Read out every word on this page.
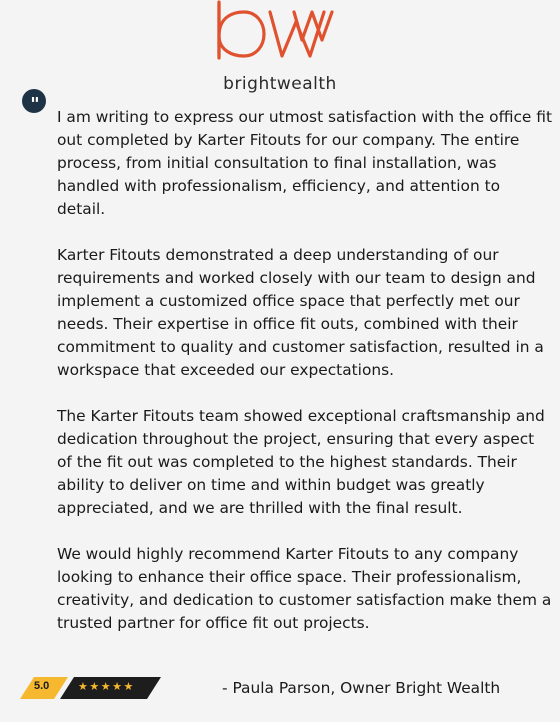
brightwealth
"

I am writing to express our utmost satisfaction with the office fit out completed by Karter Fitouts for our company. The entire process, from initial consultation to final installation, was handled with professionalism, efficiency, and attention to detail.

Karter Fitouts demonstrated a deep understanding of our requirements and worked closely with our team to design and implement a customized office space that perfectly met our needs. Their expertise in office fit outs, combined with their commitment to quality and customer satisfaction, resulted in a workspace that exceeded our expectations.

The Karter Fitouts team showed exceptional craftsmanship and dedication throughout the project, ensuring that every aspect of the fit out was completed to the highest standards. Their ability to deliver on time and within budget was greatly appreciated, and we are thrilled with the final result.

We would highly recommend Karter Fitouts to any company looking to enhance their office space. Their professionalism, creativity, and dedication to customer satisfaction make them a trusted partner for office fit out projects.

5.0	★★★★★	- Paula Parson, Owner Bright Wealth
